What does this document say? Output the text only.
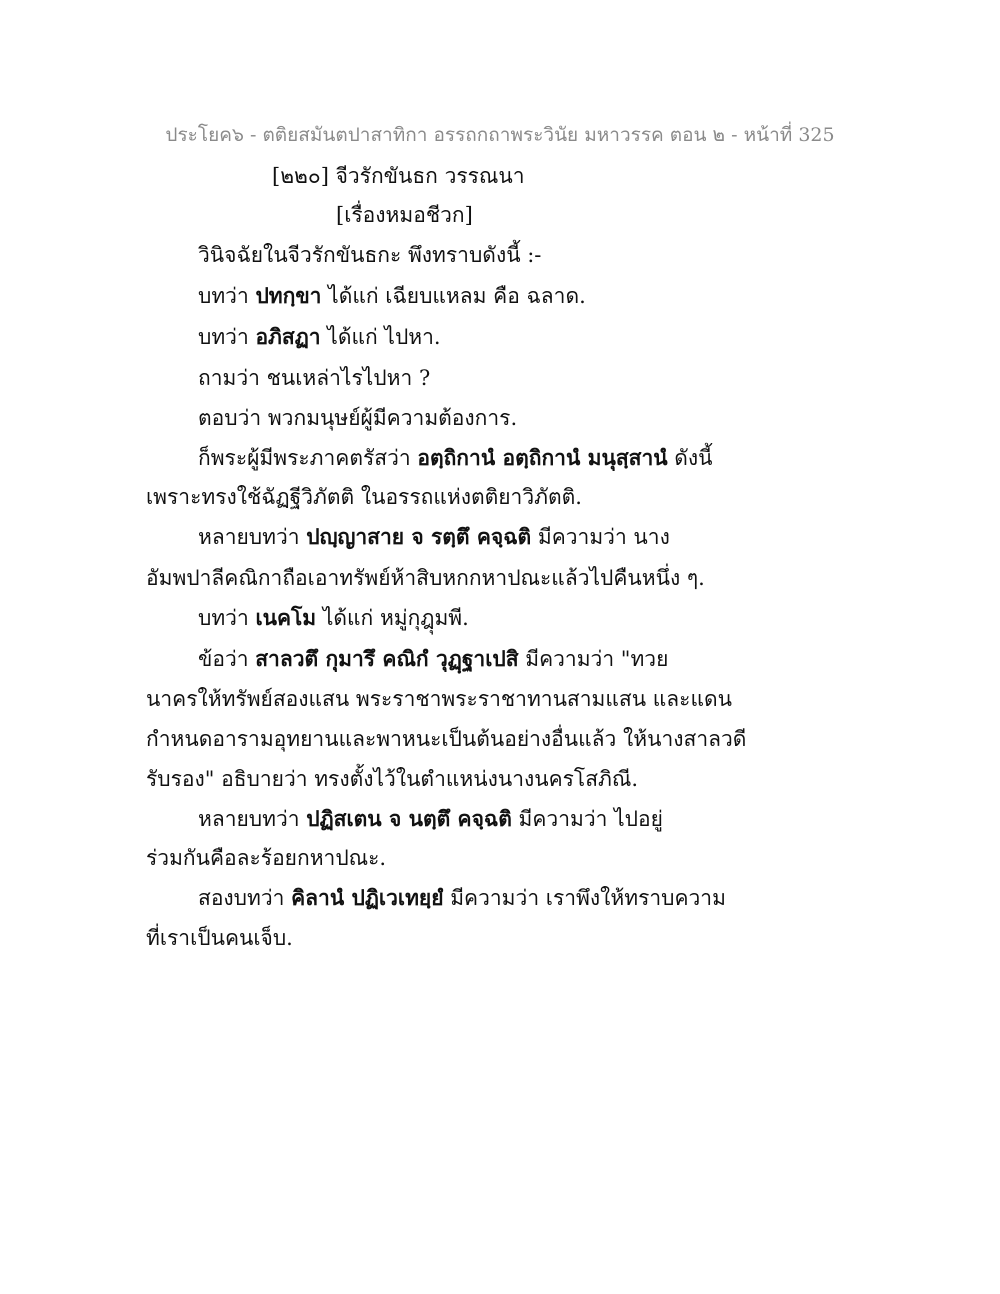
ประโยค๖ - ตติยสมันตปาสาทิกา อรรถกถาพระวินัย มหาวรรค ตอน ๒ - หน้าที่ 325
[๒๒๐] จีวรักขันธก วรรณนา
[เรื่องหมอชีวก]
วินิจฉัยในจีวรักขันธกะ พึงทราบดังนี้ :-
บทว่า ปทกฺขา ได้แก่ เฉียบแหลม คือ ฉลาด.
บทว่า อภิสฏา ได้แก่ ไปหา.
ถามว่า ชนเหล่าไรไปหา ?
ตอบว่า พวกมนุษย์ผู้มีความต้องการ.
ก็พระผู้มีพระภาคตรัสว่า อตฺถิกานํ อตฺถิกานํ มนุสฺสานํ ดังนี้
เพราะทรงใช้ฉัฏฐีวิภัตติ ในอรรถแห่งตติยาวิภัตติ.
หลายบทว่า ปญฺญาสาย จ รตฺตึ คจฺฉติ มีความว่า นาง
อัมพปาลีคณิกาถือเอาทรัพย์ห้าสิบหกกหาปณะแล้วไปคืนหนึ่ง ๆ.
บทว่า เนคโม ได้แก่ หมู่กุฎุมพี.
ข้อว่า สาลวตึ กุมารึ คณิกํ วุฏฺฐาเปสิ มีความว่า "ทวย
นาครให้ทรัพย์สองแสน พระราชาพระราชาทานสามแสน และแดน
กำหนดอารามอุทยานและพาหนะเป็นต้นอย่างอื่นแล้ว ให้นางสาลวดี
รับรอง" อธิบายว่า ทรงตั้งไว้ในตำแหน่งนางนครโสภิณี.
หลายบทว่า ปฏิสเตน จ นตฺตึ คจฺฉติ มีความว่า ไปอยู่
ร่วมกันคือละร้อยกหาปณะ.
สองบทว่า คิลานํ ปฏิเวเทยฺยํ มีความว่า เราพึงให้ทราบความ
ที่เราเป็นคนเจ็บ.
